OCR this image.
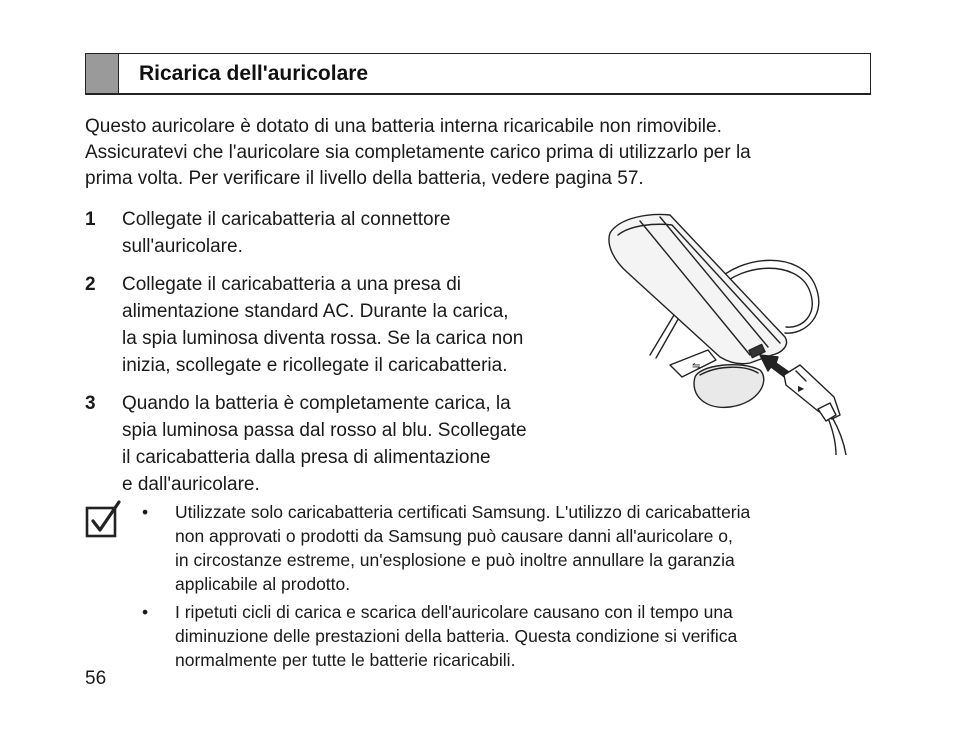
Ricarica dell'auricolare

Questo auricolare è dotato di una batteria interna ricaricabile non rimovibile.
Assicuratevi che l'auricolare sia completamente carico prima di utilizzarlo per la
prima volta. Per verificare il livello della batteria, vedere pagina 57.

1 Collegate il caricabatteria al connettore
sull'auricolare.
2 Collegate il caricabatteria a una presa di
alimentazione standard AC. Durante la carica,
la spia luminosa diventa rossa. Se la carica non
inizia, scollegate e ricollegate il caricabatteria.
3 Quando la batteria è completamente carica, la
spia luminosa passa dal rosso al blu. Scollegate
il caricabatteria dalla presa di alimentazione
e dall'auricolare.
⇋
▶
• Utilizzate solo caricabatteria certificati Samsung. L'utilizzo di caricabatteria
non approvati o prodotti da Samsung può causare danni all'auricolare o,
in circostanze estreme, un'esplosione e può inoltre annullare la garanzia
applicabile al prodotto.
• I ripetuti cicli di carica e scarica dell'auricolare causano con il tempo una
diminuzione delle prestazioni della batteria. Questa condizione si verifica
normalmente per tutte le batterie ricaricabili.
56
